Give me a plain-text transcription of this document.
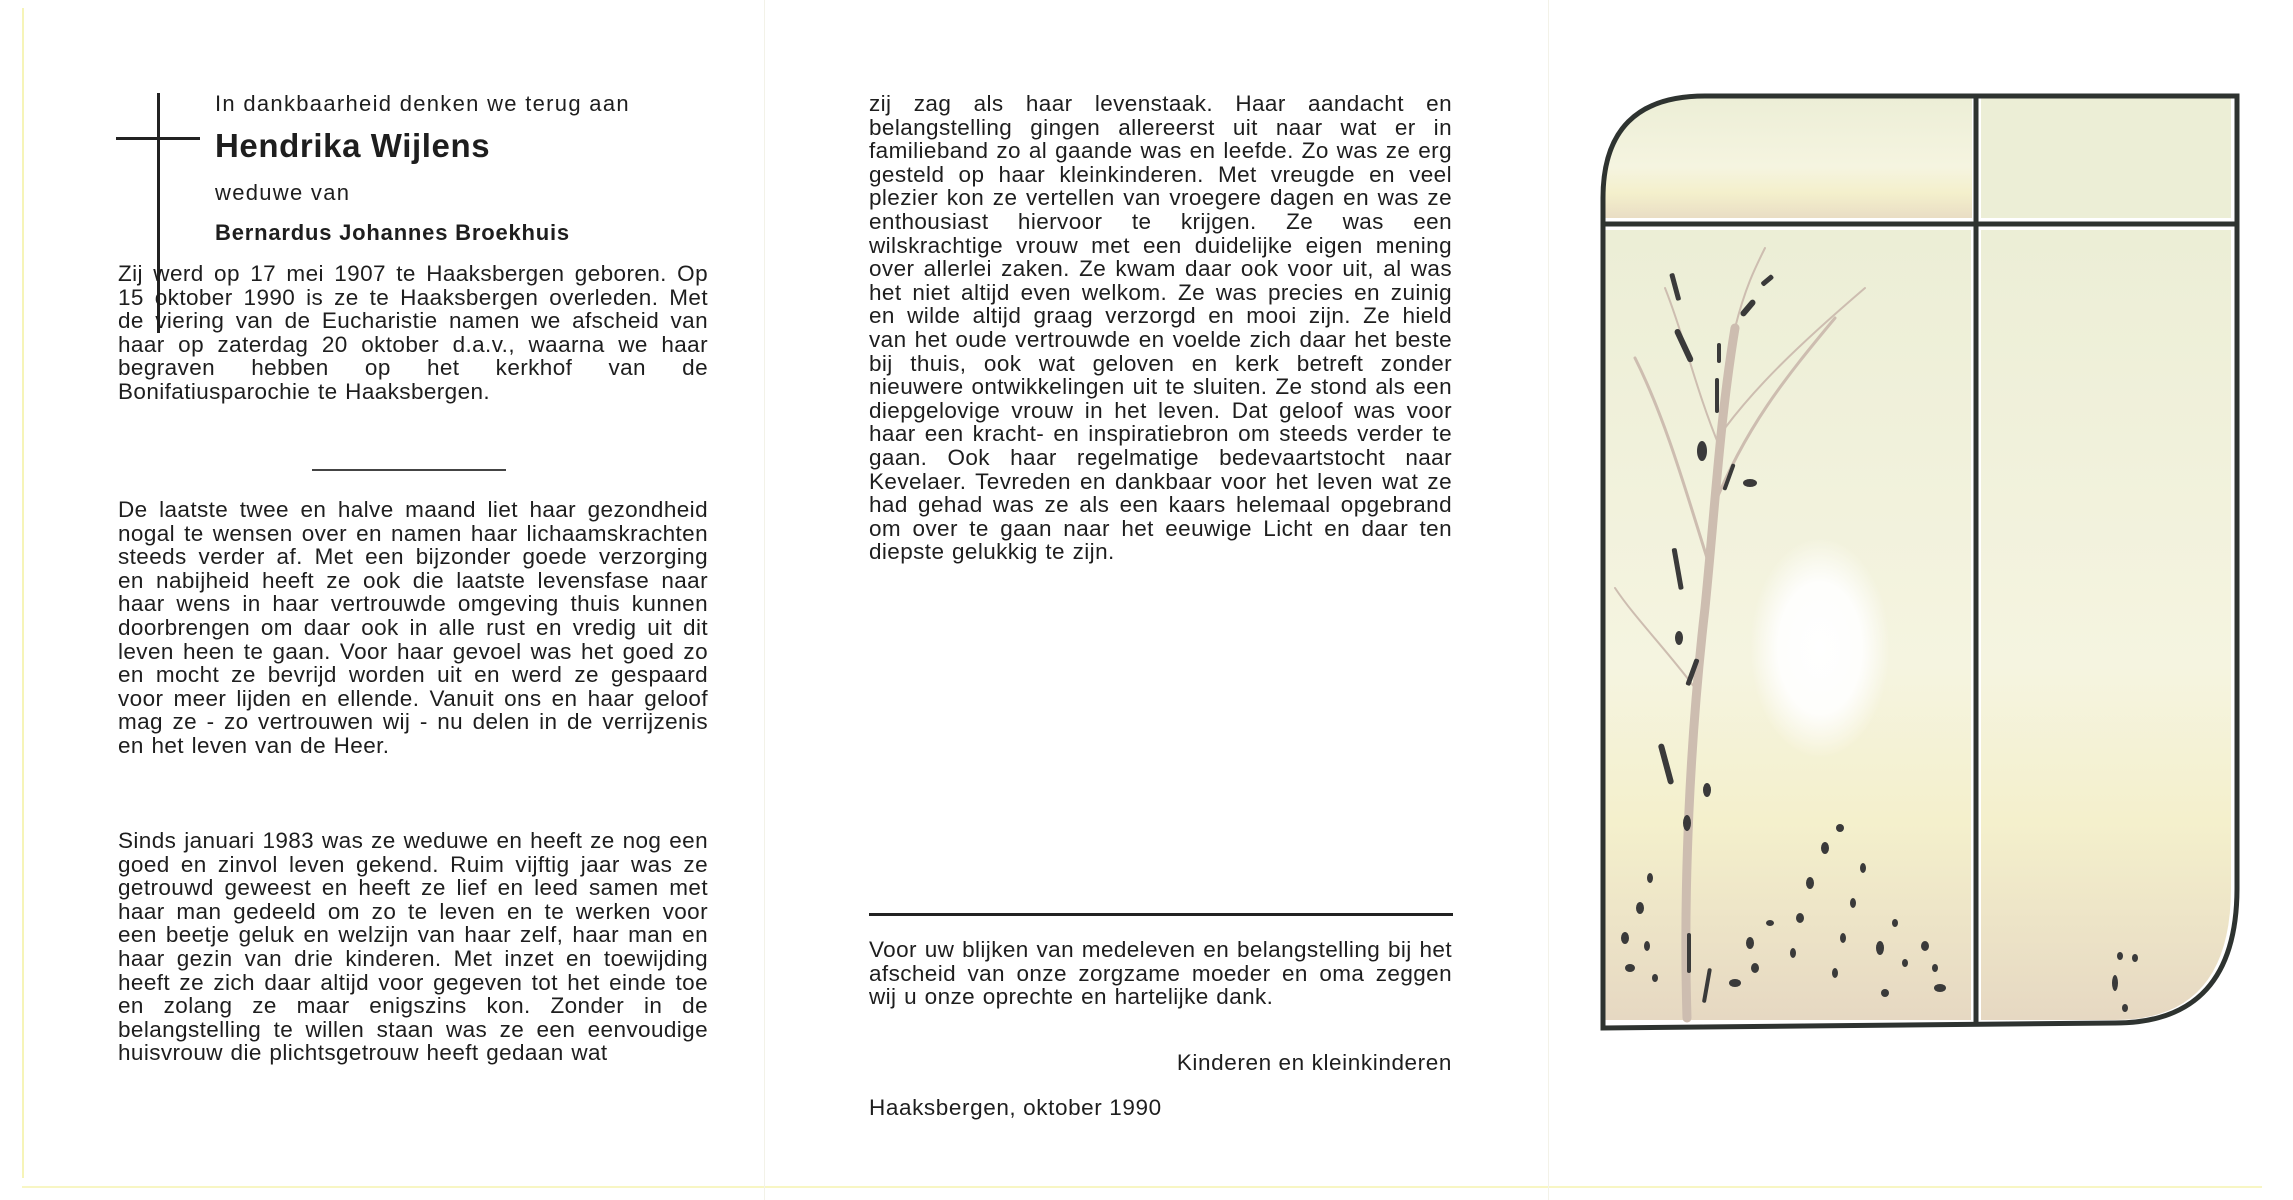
In dankbaarheid denken we terug aan
Hendrika Wijlens
weduwe van
Bernardus Johannes Broekhuis

Zij werd op 17 mei 1907 te Haaksbergen geboren. Op 15 oktober 1990 is ze te Haaksbergen overleden. Met de viering van de Eucharistie namen we afscheid van haar op zaterdag 20 oktober d.a.v., waarna we haar begraven hebben op het kerkhof van de Bonifatiusparochie te Haaksbergen.

De laatste twee en halve maand liet haar gezondheid nogal te wensen over en namen haar lichaamskrachten steeds verder af. Met een bijzonder goede verzorging en nabijheid heeft ze ook die laatste levensfase naar haar wens in haar vertrouwde omgeving thuis kunnen doorbrengen om daar ook in alle rust en vredig uit dit leven heen te gaan. Voor haar gevoel was het goed zo en mocht ze bevrijd worden uit en werd ze gespaard voor meer lijden en ellende. Vanuit ons en haar geloof mag ze - zo vertrouwen wij - nu delen in de verrijzenis en het leven van de Heer.

Sinds januari 1983 was ze weduwe en heeft ze nog een goed en zinvol leven gekend. Ruim vijftig jaar was ze getrouwd geweest en heeft ze lief en leed samen met haar man gedeeld om zo te leven en te werken voor een beetje geluk en welzijn van haar zelf, haar man en haar gezin van drie kinderen. Met inzet en toewijding heeft ze zich daar altijd voor gegeven tot het einde toe en zolang ze maar enigszins kon. Zonder in de belangstelling te willen staan was ze een eenvoudige huisvrouw die plichtsgetrouw heeft gedaan wat

zij zag als haar levenstaak. Haar aandacht en belangstelling gingen allereerst uit naar wat er in familieband zo al gaande was en leefde. Zo was ze erg gesteld op haar kleinkinderen. Met vreugde en veel plezier kon ze vertellen van vroegere dagen en was ze enthousiast hiervoor te krijgen. Ze was een wilskrachtige vrouw met een duidelijke eigen mening over allerlei zaken. Ze kwam daar ook voor uit, al was het niet altijd even welkom. Ze was precies en zuinig en wilde altijd graag verzorgd en mooi zijn. Ze hield van het oude vertrouwde en voelde zich daar het beste bij thuis, ook wat geloven en kerk betreft zonder nieuwere ontwikkelingen uit te sluiten. Ze stond als een diepgelovige vrouw in het leven. Dat geloof was voor haar een kracht- en inspiratiebron om steeds verder te gaan. Ook haar regelmatige bedevaartstocht naar Kevelaer. Tevreden en dankbaar voor het leven wat ze had gehad was ze als een kaars helemaal opgebrand om over te gaan naar het eeuwige Licht en daar ten diepste gelukkig te zijn.

Voor uw blijken van medeleven en belangstelling bij het afscheid van onze zorgzame moeder en oma zeggen wij u onze oprechte en hartelijke dank.

Kinderen en kleinkinderen
Haaksbergen, oktober 1990
